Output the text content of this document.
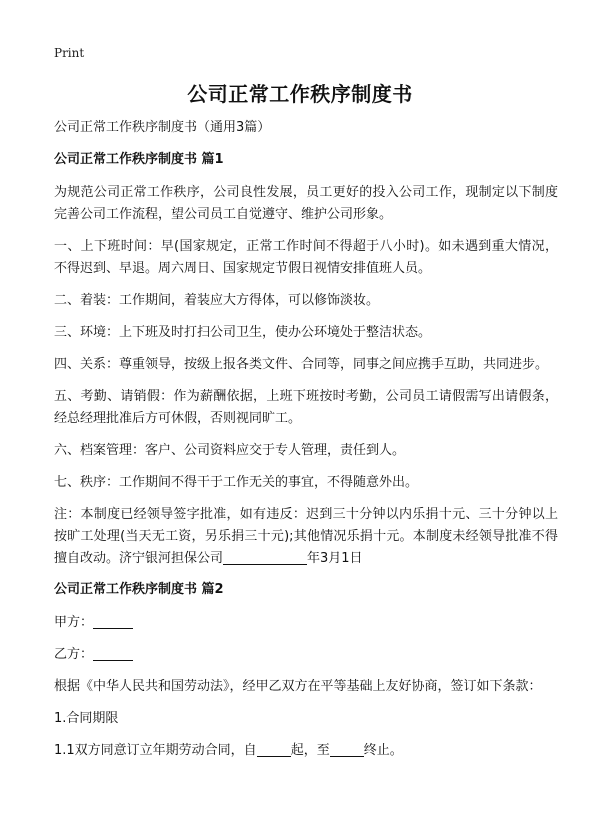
Print
公司正常工作秩序制度书
公司正常工作秩序制度书（通用3篇）
公司正常工作秩序制度书 篇1

为规范公司正常工作秩序，公司良性发展，员工更好的投入公司工作，现制定以下制度完善公司工作流程，望公司员工自觉遵守、维护公司形象。

一、上下班时间：早(国家规定，正常工作时间不得超于八小时)。如未遇到重大情况，不得迟到、早退。周六周日、国家规定节假日视情安排值班人员。

二、着装：工作期间，着装应大方得体，可以修饰淡妆。

三、环境：上下班及时打扫公司卫生，使办公环境处于整洁状态。

四、关系：尊重领导，按级上报各类文件、合同等，同事之间应携手互助，共同进步。

五、考勤、请销假：作为薪酬依据，上班下班按时考勤，公司员工请假需写出请假条，经总经理批准后方可休假，否则视同旷工。

六、档案管理：客户、公司资料应交于专人管理，责任到人。

七、秩序：工作期间不得干于工作无关的事宜，不得随意外出。

注：本制度已经领导签字批准，如有违反：迟到三十分钟以内乐捐十元、三十分钟以上按旷工处理(当天无工资，另乐捐三十元);其他情况乐捐十元。本制度未经领导批准不得擅自改动。济宁银河担保公司	年3月1日

公司正常工作秩序制度书 篇2

甲方：

乙方：

根据《中华人民共和国劳动法》，经甲乙双方在平等基础上友好协商，签订如下条款：

1.合同期限

1.1双方同意订立年期劳动合同，自	起，至	终止。
